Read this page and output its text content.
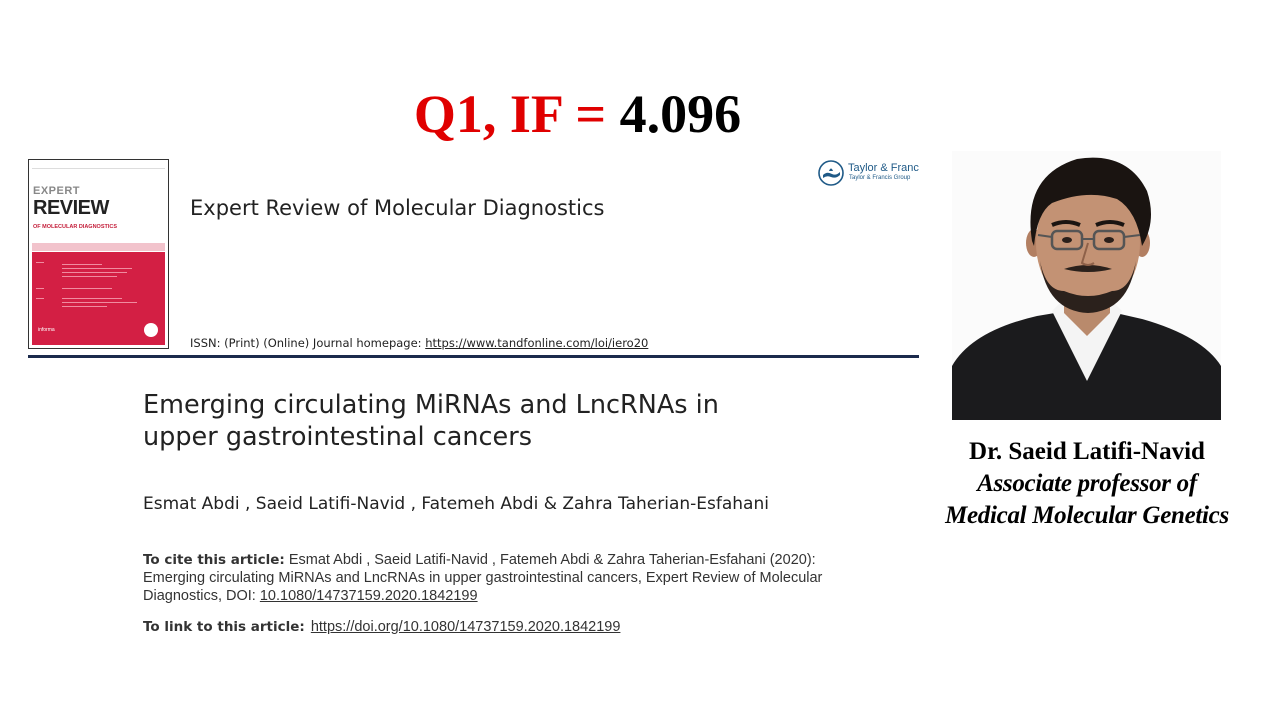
Q1, IF = 4.096
EXPERT
REVIEW
OF MOLECULAR DIAGNOSTICS
informa
Expert Review of Molecular Diagnostics
Taylor & Franc
Taylor & Francis Group
ISSN: (Print) (Online) Journal homepage: https://www.tandfonline.com/loi/iero20
Emerging circulating MiRNAs and LncRNAs in
upper gastrointestinal cancers
Esmat Abdi , Saeid Latifi-Navid , Fatemeh Abdi & Zahra Taherian-Esfahani
To cite this article: Esmat Abdi , Saeid Latifi-Navid , Fatemeh Abdi & Zahra Taherian-Esfahani (2020): Emerging circulating MiRNAs and LncRNAs in upper gastrointestinal cancers, Expert Review of Molecular Diagnostics, DOI: 10.1080/14737159.2020.1842199
To link to this article: https://doi.org/10.1080/14737159.2020.1842199
Dr. Saeid Latifi-Navid
Associate professor of
Medical Molecular Genetics
